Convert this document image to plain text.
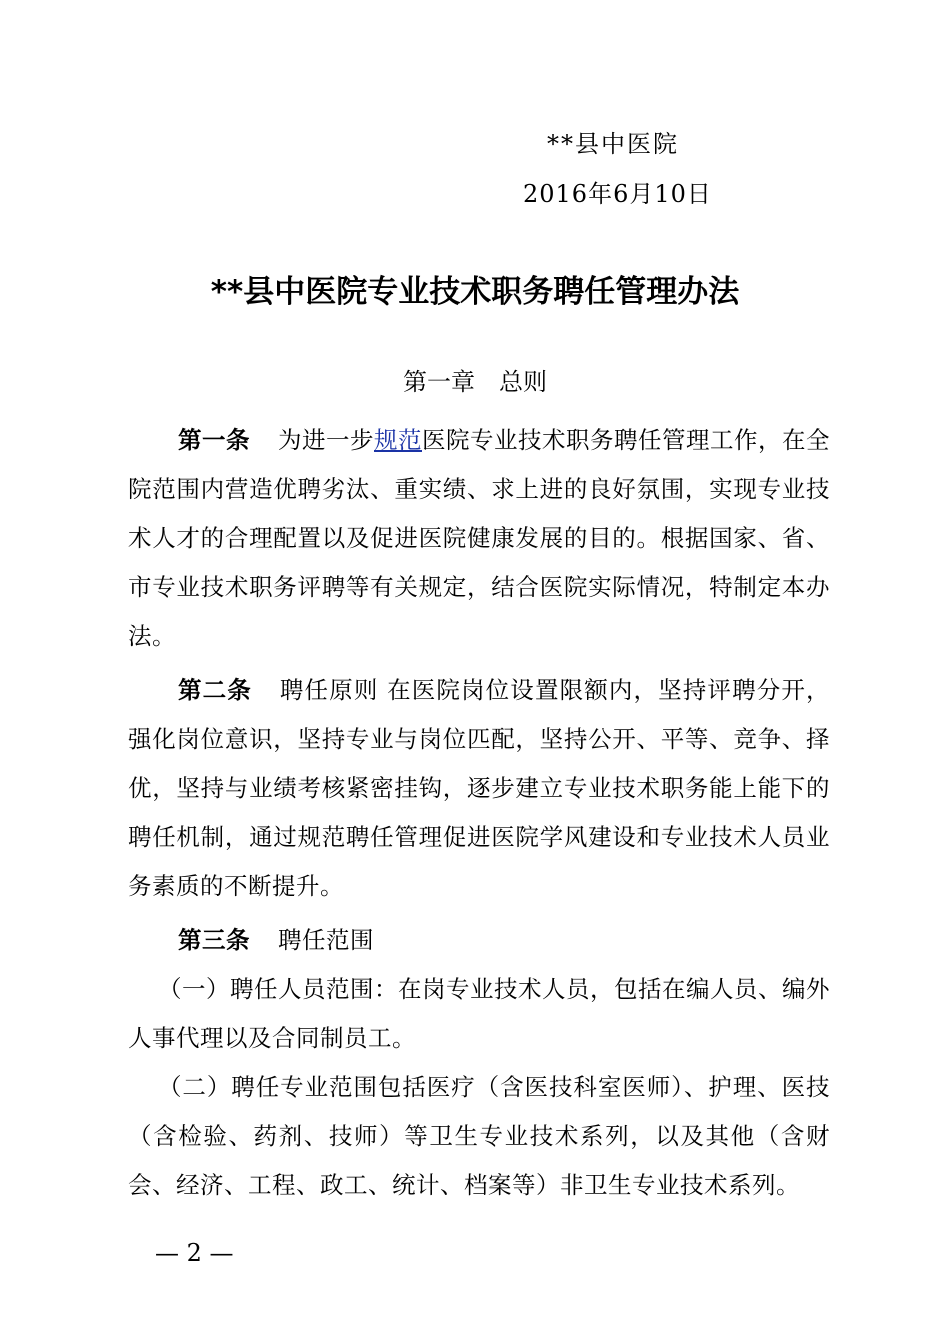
**县中医院
2016年6月10日
**县中医院专业技术职务聘任管理办法
第一章　总则

第一条 为进一步规范医院专业技术职务聘任管理工作，在全院范围内营造优聘劣汰、重实绩、求上进的良好氛围，实现专业技术人才的合理配置以及促进医院健康发展的目的。根据国家、省、市专业技术职务评聘等有关规定，结合医院实际情况，特制定本办法。

第二条 聘任原则 在医院岗位设置限额内，坚持评聘分开，强化岗位意识，坚持专业与岗位匹配，坚持公开、平等、竞争、择优，坚持与业绩考核紧密挂钩，逐步建立专业技术职务能上能下的聘任机制，通过规范聘任管理促进医院学风建设和专业技术人员业务素质的不断提升。

第三条 聘任范围

（一）聘任人员范围：在岗专业技术人员，包括在编人员、编外人事代理以及合同制员工。

（二）聘任专业范围包括医疗（含医技科室医师）、护理、医技（含检验、药剂、技师）等卫生专业技术系列，以及其他（含财会、经济、工程、政工、统计、档案等）非卫生专业技术系列。

— 2 —
